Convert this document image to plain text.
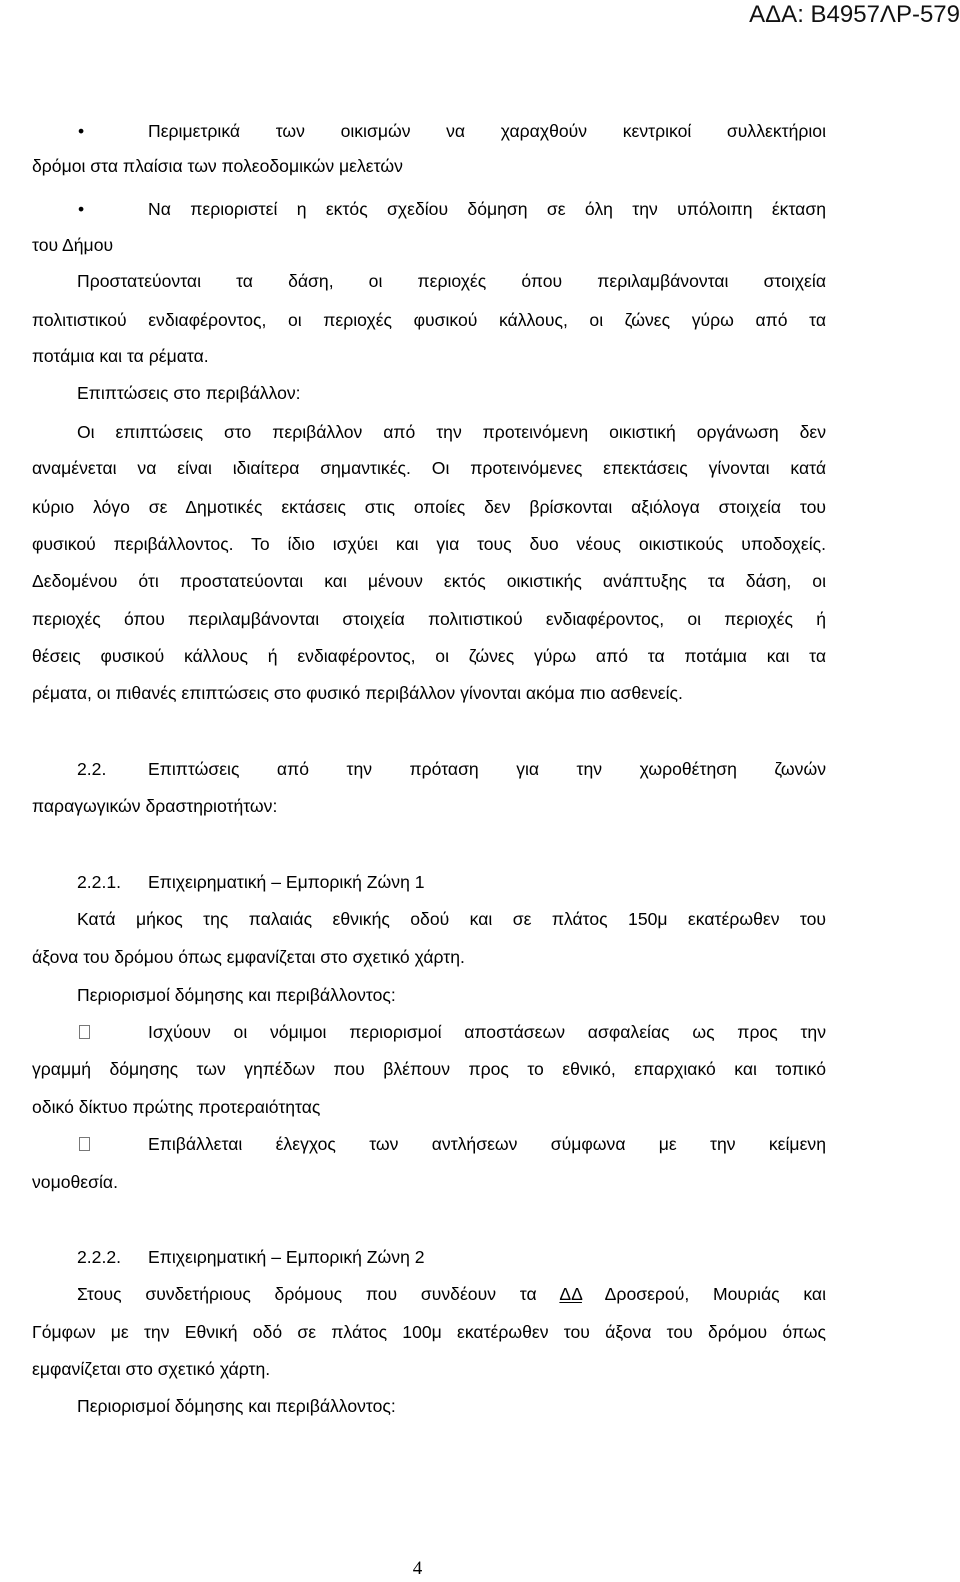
ΑΔΑ: Β4957ΛΡ-579
•	Περιμετρικά των οικισμών να χαραχθούν κεντρικοί συλλεκτήριοι
δρόμοι στα πλαίσια των πολεοδομικών μελετών
•	Να περιοριστεί η εκτός σχεδίου δόμηση σε όλη την υπόλοιπη έκταση
του Δήμου
Προστατεύονται τα δάση, οι περιοχές όπου περιλαμβάνονται στοιχεία
πολιτιστικού ενδιαφέροντος, οι περιοχές φυσικού κάλλους, οι ζώνες γύρω από τα
ποτάμια και τα ρέματα.
Επιπτώσεις στο περιβάλλον:
Οι επιπτώσεις στο περιβάλλον από την προτεινόμενη οικιστική οργάνωση δεν
αναμένεται να είναι ιδιαίτερα σημαντικές. Οι προτεινόμενες επεκτάσεις γίνονται κατά
κύριο λόγο σε Δημοτικές εκτάσεις στις οποίες δεν βρίσκονται αξιόλογα στοιχεία του
φυσικού περιβάλλοντος. Το ίδιο ισχύει και για τους δυο νέους οικιστικούς υποδοχείς.
Δεδομένου ότι προστατεύονται και μένουν εκτός οικιστικής ανάπτυξης τα δάση, οι
περιοχές όπου περιλαμβάνονται στοιχεία πολιτιστικού ενδιαφέροντος, οι περιοχές ή
θέσεις φυσικού κάλλους ή ενδιαφέροντος, οι ζώνες γύρω από τα ποτάμια και τα
ρέματα, οι πιθανές επιπτώσεις στο φυσικό περιβάλλον γίνονται ακόμα πιο ασθενείς.
2.2.	Επιπτώσεις από την πρόταση για την χωροθέτηση ζωνών
παραγωγικών δραστηριοτήτων:
2.2.1.	Επιχειρηματική – Εμπορική Ζώνη 1
Κατά μήκος της παλαιάς εθνικής οδού και σε πλάτος 150μ εκατέρωθεν του
άξονα του δρόμου όπως εμφανίζεται στο σχετικό χάρτη.
Περιορισμοί δόμησης και περιβάλλοντος:
Ισχύουν οι νόμιμοι περιορισμοί αποστάσεων ασφαλείας ως προς την
γραμμή δόμησης των γηπέδων που βλέπουν προς το εθνικό, επαρχιακό και τοπικό
οδικό δίκτυο πρώτης προτεραιότητας
Επιβάλλεται έλεγχος των αντλήσεων σύμφωνα με την κείμενη
νομοθεσία.
2.2.2.	Επιχειρηματική – Εμπορική Ζώνη 2
Στους συνδετήριους δρόμους που συνδέουν τα ΔΔ Δροσερού, Μουριάς και
Γόμφων με την Εθνική οδό σε πλάτος 100μ εκατέρωθεν του άξονα του δρόμου όπως
εμφανίζεται στο σχετικό χάρτη.
Περιορισμοί δόμησης και περιβάλλοντος:
4
